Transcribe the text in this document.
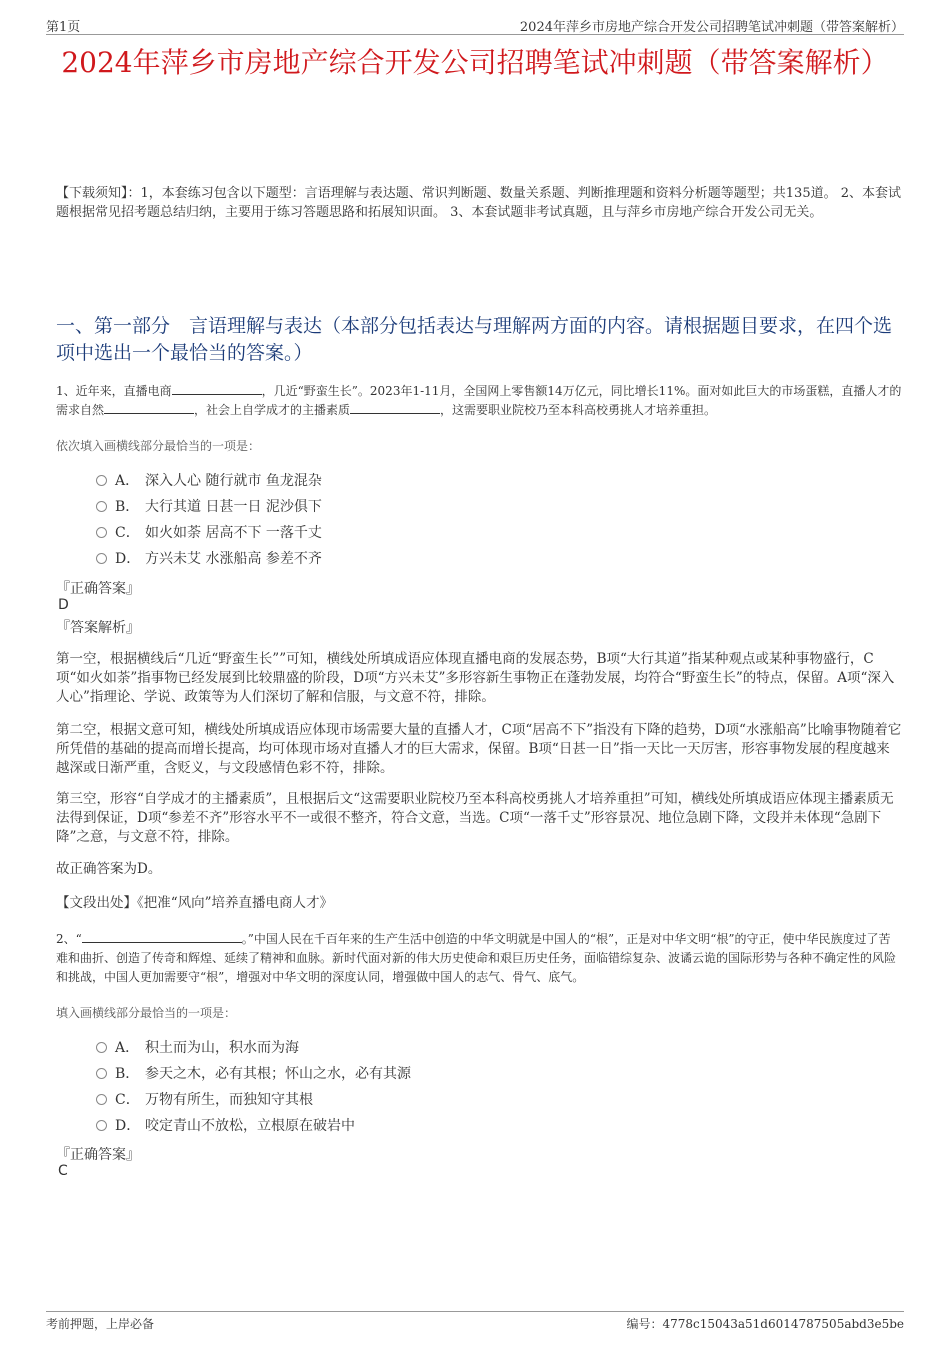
第1页	2024年萍乡市房地产综合开发公司招聘笔试冲刺题（带答案解析）
2024年萍乡市房地产综合开发公司招聘笔试冲刺题（带答案解析）
【下载须知】：1，本套练习包含以下题型：言语理解与表达题、常识判断题、数量关系题、判断推理题和资料分析题等题型；共135道。 2、本套试题根据常见招考题总结归纳，主要用于练习答题思路和拓展知识面。 3、本套试题非考试真题，且与萍乡市房地产综合开发公司无关。
一、第一部分　言语理解与表达（本部分包括表达与理解两方面的内容。请根据题目要求，在四个选项中选出一个最恰当的答案。）
1、近年来，直播电商	，几近“野蛮生长”。2023年1-11月，全国网上零售额14万亿元，同比增长11%。面对如此巨大的市场蛋糕，直播人才的需求自然	，社会上自学成才的主播素质	，这需要职业院校乃至本科高校勇挑人才培养重担。
依次填入画横线部分最恰当的一项是：
A． 深入人心 随行就市 鱼龙混杂
B． 大行其道 日甚一日 泥沙俱下
C． 如火如荼 居高不下 一落千丈
D． 方兴未艾 水涨船高 参差不齐
『正确答案』
D
『答案解析』
第一空，根据横线后“几近“野蛮生长””可知，横线处所填成语应体现直播电商的发展态势，B项“大行其道”指某种观点或某种事物盛行，C项“如火如荼”指事物已经发展到比较鼎盛的阶段，D项“方兴未艾”多形容新生事物正在蓬勃发展，均符合“野蛮生长”的特点，保留。A项“深入人心”指理论、学说、政策等为人们深切了解和信服，与文意不符，排除。
第二空，根据文意可知，横线处所填成语应体现市场需要大量的直播人才，C项“居高不下”指没有下降的趋势，D项“水涨船高”比喻事物随着它所凭借的基础的提高而增长提高，均可体现市场对直播人才的巨大需求，保留。B项“日甚一日”指一天比一天厉害，形容事物发展的程度越来越深或日渐严重，含贬义，与文段感情色彩不符，排除。
第三空，形容“自学成才的主播素质”，且根据后文“这需要职业院校乃至本科高校勇挑人才培养重担”可知，横线处所填成语应体现主播素质无法得到保证，D项“参差不齐”形容水平不一或很不整齐，符合文意，当选。C项“一落千丈”形容景况、地位急剧下降，文段并未体现“急剧下降”之意，与文意不符，排除。
故正确答案为D。
【文段出处】《把准“风向”培养直播电商人才》
2、“	。”中国人民在千百年来的生产生活中创造的中华文明就是中国人的“根”，正是对中华文明“根”的守正，使中华民族度过了苦难和曲折、创造了传奇和辉煌、延续了精神和血脉。新时代面对新的伟大历史使命和艰巨历史任务，面临错综复杂、波谲云诡的国际形势与各种不确定性的风险和挑战，中国人更加需要守“根”，增强对中华文明的深度认同，增强做中国人的志气、骨气、底气。
填入画横线部分最恰当的一项是：
A． 积土而为山，积水而为海
B． 参天之木，必有其根；怀山之水，必有其源
C． 万物有所生，而独知守其根
D． 咬定青山不放松，立根原在破岩中
『正确答案』
C
考前押题，上岸必备	编号：4778c15043a51d6014787505abd3e5be
